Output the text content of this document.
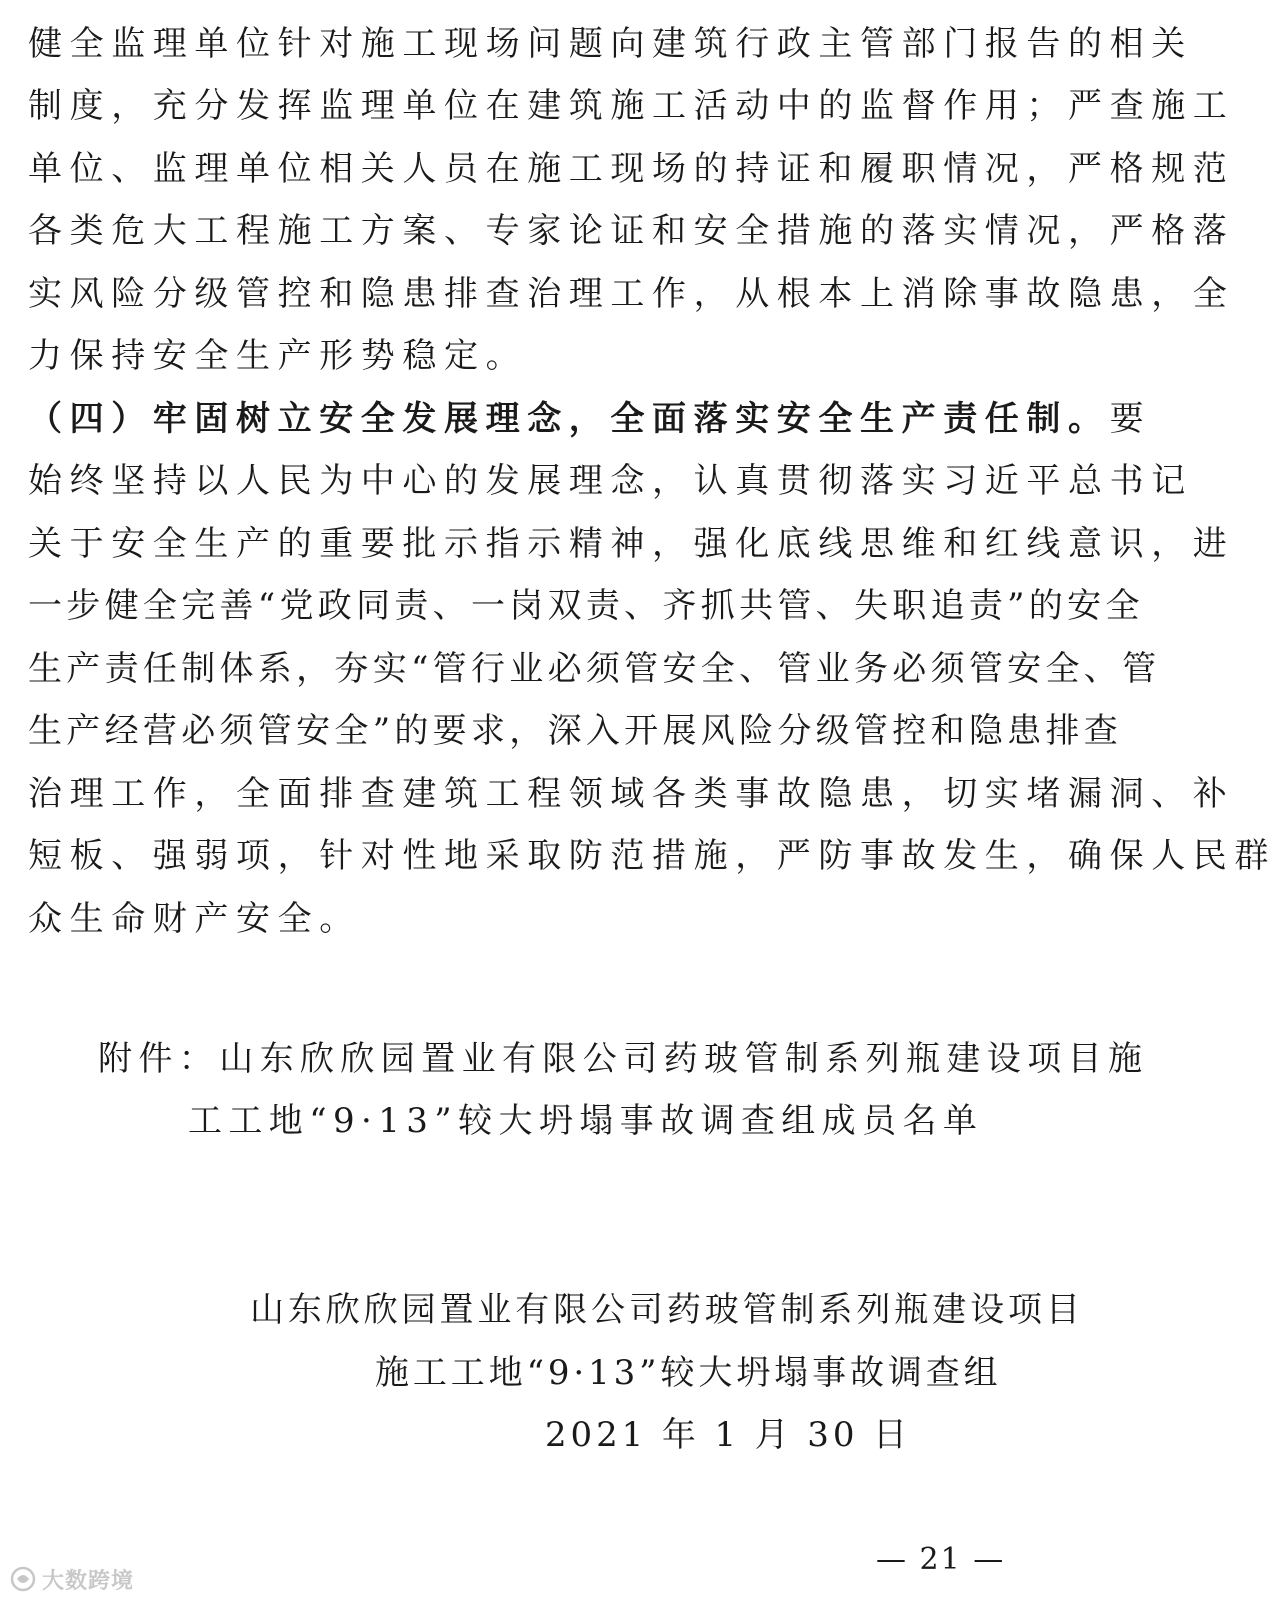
健全监理单位针对施工现场问题向建筑行政主管部门报告的相关
制度，充分发挥监理单位在建筑施工活动中的监督作用；严查施工
单位、监理单位相关人员在施工现场的持证和履职情况，严格规范
各类危大工程施工方案、专家论证和安全措施的落实情况，严格落
实风险分级管控和隐患排查治理工作，从根本上消除事故隐患，全
力保持安全生产形势稳定。
（四）牢固树立安全发展理念，全面落实安全生产责任制。要
始终坚持以人民为中心的发展理念，认真贯彻落实习近平总书记
关于安全生产的重要批示指示精神，强化底线思维和红线意识，进
一步健全完善“党政同责、一岗双责、齐抓共管、失职追责”的安全
生产责任制体系，夯实“管行业必须管安全、管业务必须管安全、管
生产经营必须管安全”的要求，深入开展风险分级管控和隐患排查
治理工作，全面排查建筑工程领域各类事故隐患，切实堵漏洞、补
短板、强弱项，针对性地采取防范措施，严防事故发生，确保人民群
众生命财产安全。
附件：山东欣欣园置业有限公司药玻管制系列瓶建设项目施
工工地“9·13”较大坍塌事故调查组成员名单
山东欣欣园置业有限公司药玻管制系列瓶建设项目
施工工地“9·13”较大坍塌事故调查组
2021 年 1 月 30 日
— 21 —
大数跨境
